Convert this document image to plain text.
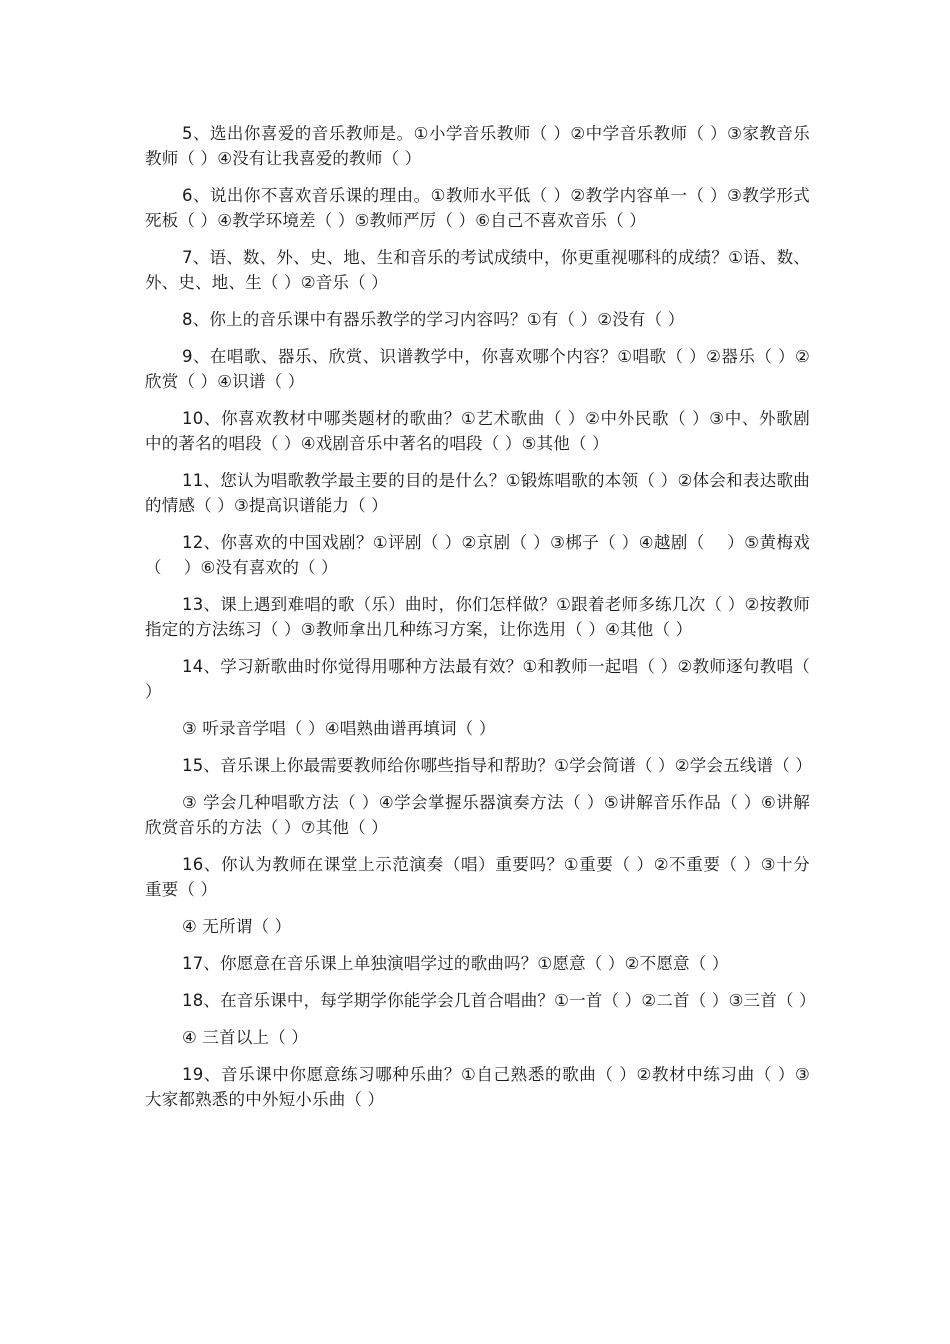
5、选出你喜爱的音乐教师是。①小学音乐教师（ ）②中学音乐教师（ ）③家教音乐教师（ ）④没有让我喜爱的教师（ ）

6、说出你不喜欢音乐课的理由。①教师水平低（ ）②教学内容单一（ ）③教学形式死板（ ）④教学环境差（ ）⑤教师严厉（ ）⑥自己不喜欢音乐（ ）

7、语、数、外、史、地、生和音乐的考试成绩中，你更重视哪科的成绩？①语、数、外、史、地、生（ ）②音乐（ ）

8、你上的音乐课中有器乐教学的学习内容吗？①有（ ）②没有（ ）

9、在唱歌、器乐、欣赏、识谱教学中，你喜欢哪个内容？①唱歌（ ）②器乐（ ）②欣赏（ ）④识谱（ ）

10、你喜欢教材中哪类题材的歌曲？①艺术歌曲（ ）②中外民歌（ ）③中、外歌剧中的著名的唱段（ ）④戏剧音乐中著名的唱段（ ）⑤其他（ ）

11、您认为唱歌教学最主要的目的是什么？①锻炼唱歌的本领（ ）②体会和表达歌曲的情感（ ）③提高识谱能力（ ）

12、你喜欢的中国戏剧？①评剧（ ）②京剧（ ）③梆子（ ）④越剧（　 ）⑤黄梅戏（　 ）⑥没有喜欢的（ ）

13、课上遇到难唱的歌（乐）曲时，你们怎样做？①跟着老师多练几次（ ）②按教师指定的方法练习（ ）③教师拿出几种练习方案，让你选用（ ）④其他（ ）

14、学习新歌曲时你觉得用哪种方法最有效？①和教师一起唱（ ）②教师逐句教唱（ ）

③ 听录音学唱（ ）④唱熟曲谱再填词（ ）

15、音乐课上你最需要教师给你哪些指导和帮助？①学会简谱（ ）②学会五线谱（ ）

③ 学会几种唱歌方法（ ）④学会掌握乐器演奏方法（ ）⑤讲解音乐作品（ ）⑥讲解欣赏音乐的方法（ ）⑦其他（ ）

16、你认为教师在课堂上示范演奏（唱）重要吗？①重要（ ）②不重要（ ）③十分重要（ ）

④ 无所谓（ ）

17、你愿意在音乐课上单独演唱学过的歌曲吗？①愿意（ ）②不愿意（ ）

18、在音乐课中，每学期学你能学会几首合唱曲？①一首（ ）②二首（ ）③三首（ ）

④ 三首以上（ ）

19、音乐课中你愿意练习哪种乐曲？①自己熟悉的歌曲（ ）②教材中练习曲（ ）③大家都熟悉的中外短小乐曲（ ）
